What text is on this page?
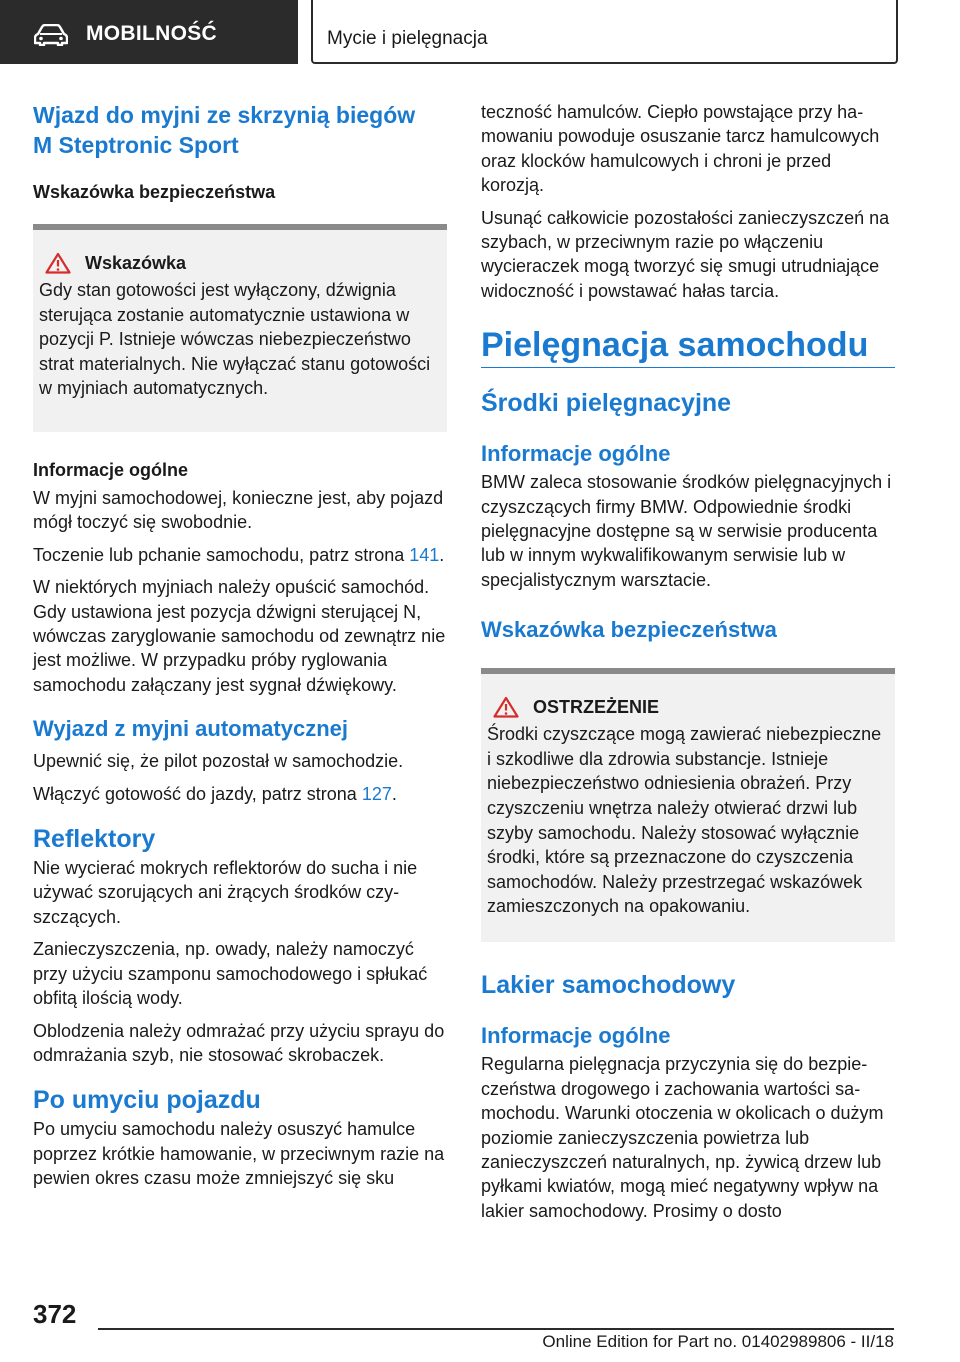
MOBILNOŚĆ	Mycie i pielęgnacja
Wjazd do myjni ze skrzynią biegów M Steptronic Sport
Wskazówka bezpieczeństwa
Wskazówka

Gdy stan gotowości jest wyłączony, dźwignia sterująca zostanie automatycznie ustawiona w pozycji P. Istnieje wówczas niebezpieczeństwo strat materialnych. Nie wyłączać stanu gotowości w myjniach automatycznych.

Informacje ogólne

W myjni samochodowej, konieczne jest, aby pojazd mógł toczyć się swobodnie.

Toczenie lub pchanie samochodu, patrz strona 141.

W niektórych myjniach należy opuścić samochód. Gdy ustawiona jest pozycja dźwigni sterującej N, wówczas zaryglowanie samochodu od zewnątrz nie jest możliwe. W przypadku próby ryglowania samochodu załączany jest sygnał dźwiękowy.

Wyjazd z myjni automatycznej

Upewnić się, że pilot pozostał w samochodzie.

Włączyć gotowość do jazdy, patrz strona 127.

Reflektory

Nie wycierać mokrych reflektorów do sucha i nie używać szorujących ani żrących środków czyszczących.

Zanieczyszczenia, np. owady, należy namoczyć przy użyciu szamponu samochodowego i spłukać obfitą ilością wody.

Oblodzenia należy odmrażać przy użyciu sprayu do odmrażania szyb, nie stosować skrobaczek.

Po umyciu pojazdu

Po umyciu samochodu należy osuszyć hamulce poprzez krótkie hamowanie, w przeciwnym razie na pewien okres czasu może zmniejszyć się sku

teczność hamulców. Ciepło powstające przy hamowaniu powoduje osuszanie tarcz hamulcowych oraz klocków hamulcowych i chroni je przed korozją.

Usunąć całkowicie pozostałości zanieczyszczeń na szybach, w przeciwnym razie po włączeniu wycieraczek mogą tworzyć się smugi utrudniające widoczność i powstawać hałas tarcia.

Pielęgnacja samochodu
Środki pielęgnacyjne
Informacje ogólne

BMW zaleca stosowanie środków pielęgnacyjnych i czyszczących firmy BMW. Odpowiednie środki pielęgnacyjne dostępne są w serwisie producenta lub w innym wykwalifikowanym serwisie lub w specjalistycznym warsztacie.

Wskazówka bezpieczeństwa
OSTRZEŻENIE

Środki czyszczące mogą zawierać niebezpieczne i szkodliwe dla zdrowia substancje. Istnieje niebezpieczeństwo odniesienia obrażeń. Przy czyszczeniu wnętrza należy otwierać drzwi lub szyby samochodu. Należy stosować wyłącznie środki, które są przeznaczone do czyszczenia samochodów. Należy przestrzegać wskazówek zamieszczonych na opakowaniu.

Lakier samochodowy
Informacje ogólne

Regularna pielęgnacja przyczynia się do bezpieczeństwa drogowego i zachowania wartości samochodu. Warunki otoczenia w okolicach o dużym poziomie zanieczyszczenia powietrza lub zanieczyszczeń naturalnych, np. żywicą drzew lub pyłkami kwiatów, mogą mieć negatywny wpływ na lakier samochodowy. Prosimy o dosto

372
Online Edition for Part no. 01402989806 - II/18
